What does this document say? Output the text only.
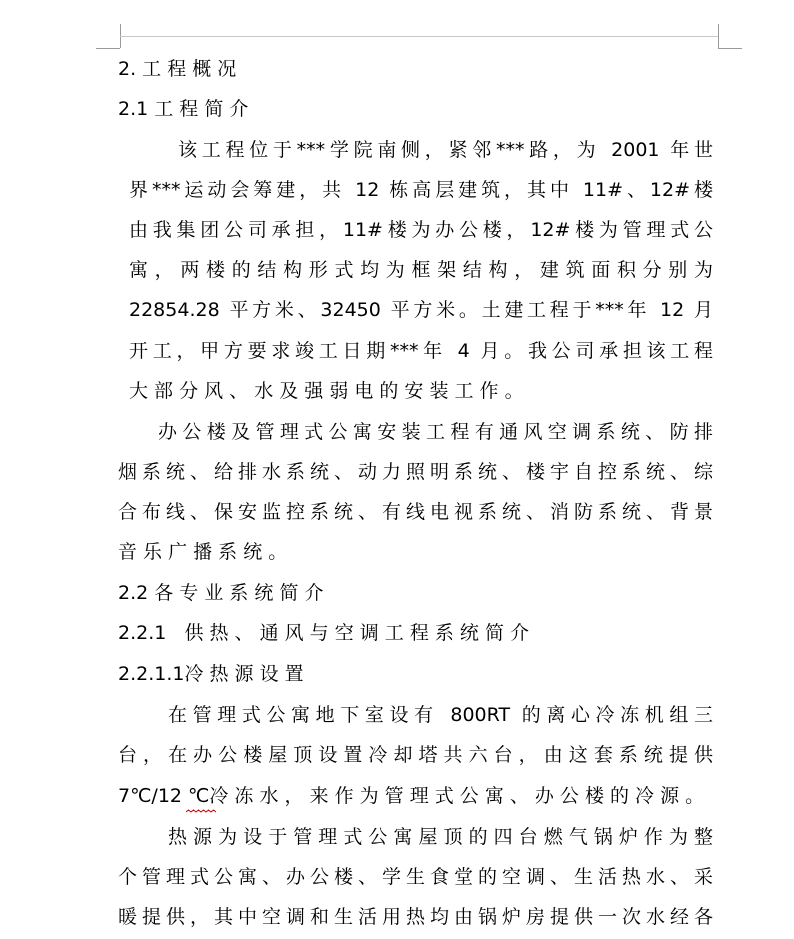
2. 工 程 概 况
2.1 工 程 简 介
该工程位于***学院南侧，紧邻***路，为 2001 年世
界***运动会筹建，共 12 栋高层建筑，其中 11#、12#楼
由我集团公司承担，11#楼为办公楼，12#楼为管理式公
寓，两楼的结构形式均为框架结构，建筑面积分别为
22854.28 平方米、32450 平方米。土建工程于***年 12 月
开工，甲方要求竣工日期***年 4 月。我公司承担该工程
大 部 分 风 、 水 及 强 弱 电 的 安 装 工 作 。
办公楼及管理式公寓安装工程有通风空调系统、防排
烟系统、给排水系统、动力照明系统、楼宇自控系统、综
合布线、保安监控系统、有线电视系统、消防系统、背景
音 乐 广 播 系 统 。
2.2 各 专 业 系 统 简 介
2.2.1   供 热 、 通 风 与 空 调 工 程 系 统 简 介
2.2.1.1冷 热 源 设 置
在管理式公寓地下室设有 800RT 的离心冷冻机组三
台，在办公楼屋顶设置冷却塔共六台，由这套系统提供
7℃/12 ℃冷 冻 水 ， 来 作 为 管 理 式 公 寓 、 办 公 楼 的 冷 源 。
热源为设于管理式公寓屋顶的四台燃气锅炉作为整
个管理式公寓、办公楼、学生食堂的空调、生活热水、采
暖提供，其中空调和生活用热均由锅炉房提供一次水经各
